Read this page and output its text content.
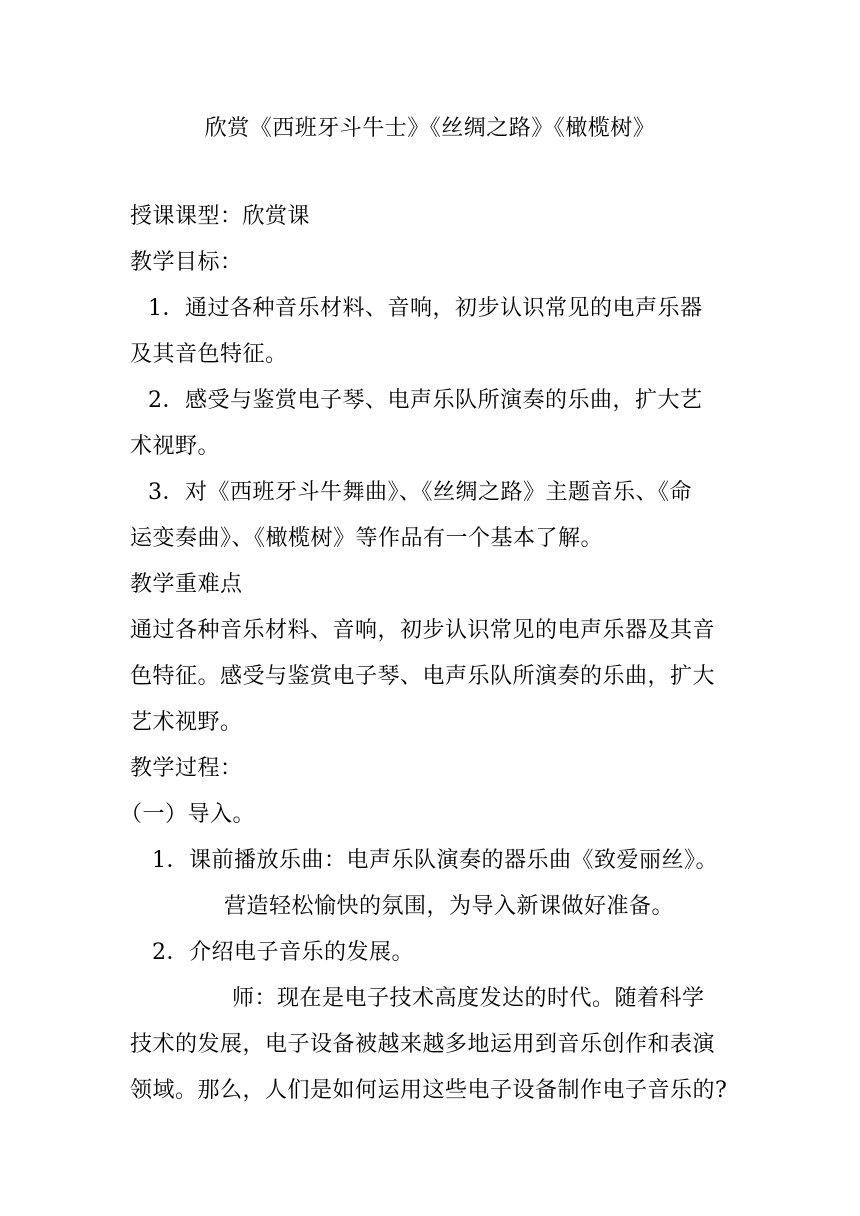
欣赏《西班牙斗牛士》《丝绸之路》《橄榄树》
授课课型：欣赏课
教学目标：
1．通过各种音乐材料、音响，初步认识常见的电声乐器
及其音色特征。
2．感受与鉴赏电子琴、电声乐队所演奏的乐曲，扩大艺
术视野。
3．对《西班牙斗牛舞曲》、《丝绸之路》主题音乐、《命
运变奏曲》、《橄榄树》等作品有一个基本了解。
教学重难点
通过各种音乐材料、音响，初步认识常见的电声乐器及其音
色特征。感受与鉴赏电子琴、电声乐队所演奏的乐曲，扩大
艺术视野。
教学过程：
（一）导入。
1．课前播放乐曲：电声乐队演奏的器乐曲《致爱丽丝》。
营造轻松愉快的氛围，为导入新课做好准备。
2．介绍电子音乐的发展。
师：现在是电子技术高度发达的时代。随着科学
技术的发展，电子设备被越来越多地运用到音乐创作和表演
领域。那么，人们是如何运用这些电子设备制作电子音乐的?
